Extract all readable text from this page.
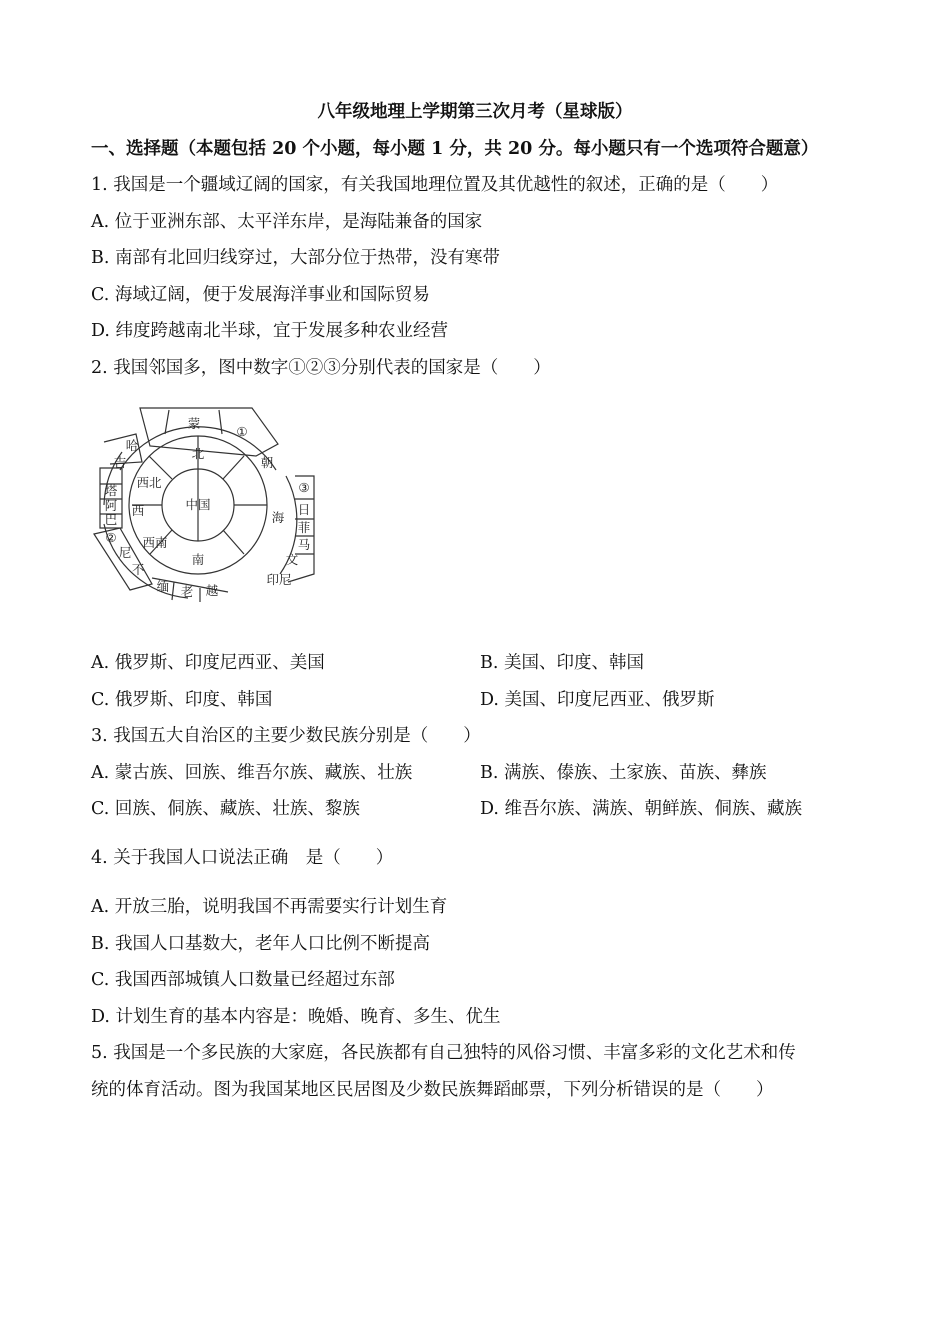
八年级地理上学期第三次月考（星球版）
一、选择题（本题包括 20 个小题，每小题 1 分，共 20 分。每小题只有一个选项符合题意）
1. 我国是一个疆域辽阔的国家，有关我国地理位置及其优越性的叙述，正确的是（　　）
A. 位于亚洲东部、太平洋东岸，是海陆兼备的国家
B. 南部有北回归线穿过，大部分位于热带，没有寒带
C. 海域辽阔，便于发展海洋事业和国际贸易
D. 纬度跨越南北半球，宜于发展多种农业经营
2. 我国邻国多，图中数字①②③分别代表的国家是（　　）
中国
北
西北
西
西南
南
海
蒙
①
朝
③
日
菲
马
文
印尼
越
老
缅
不
尼
②
巴
阿
塔
吉
哈
A. 俄罗斯、印度尼西亚、美国	B. 美国、印度、韩国
C. 俄罗斯、印度、韩国	D. 美国、印度尼西亚、俄罗斯
3. 我国五大自治区的主要少数民族分别是（　　）
A. 蒙古族、回族、维吾尔族、藏族、壮族	B. 满族、傣族、土家族、苗族、彝族
C. 回族、侗族、藏族、壮族、黎族	D. 维吾尔族、满族、朝鲜族、侗族、藏族
4. 关于我国人口说法正确　是（　　）
A. 开放三胎，说明我国不再需要实行计划生育
B. 我国人口基数大，老年人口比例不断提高
C. 我国西部城镇人口数量已经超过东部
D. 计划生育的基本内容是：晚婚、晚育、多生、优生
5. 我国是一个多民族的大家庭，各民族都有自己独特的风俗习惯、丰富多彩的文化艺术和传
统的体育活动。图为我国某地区民居图及少数民族舞蹈邮票，下列分析错误的是（　　）
